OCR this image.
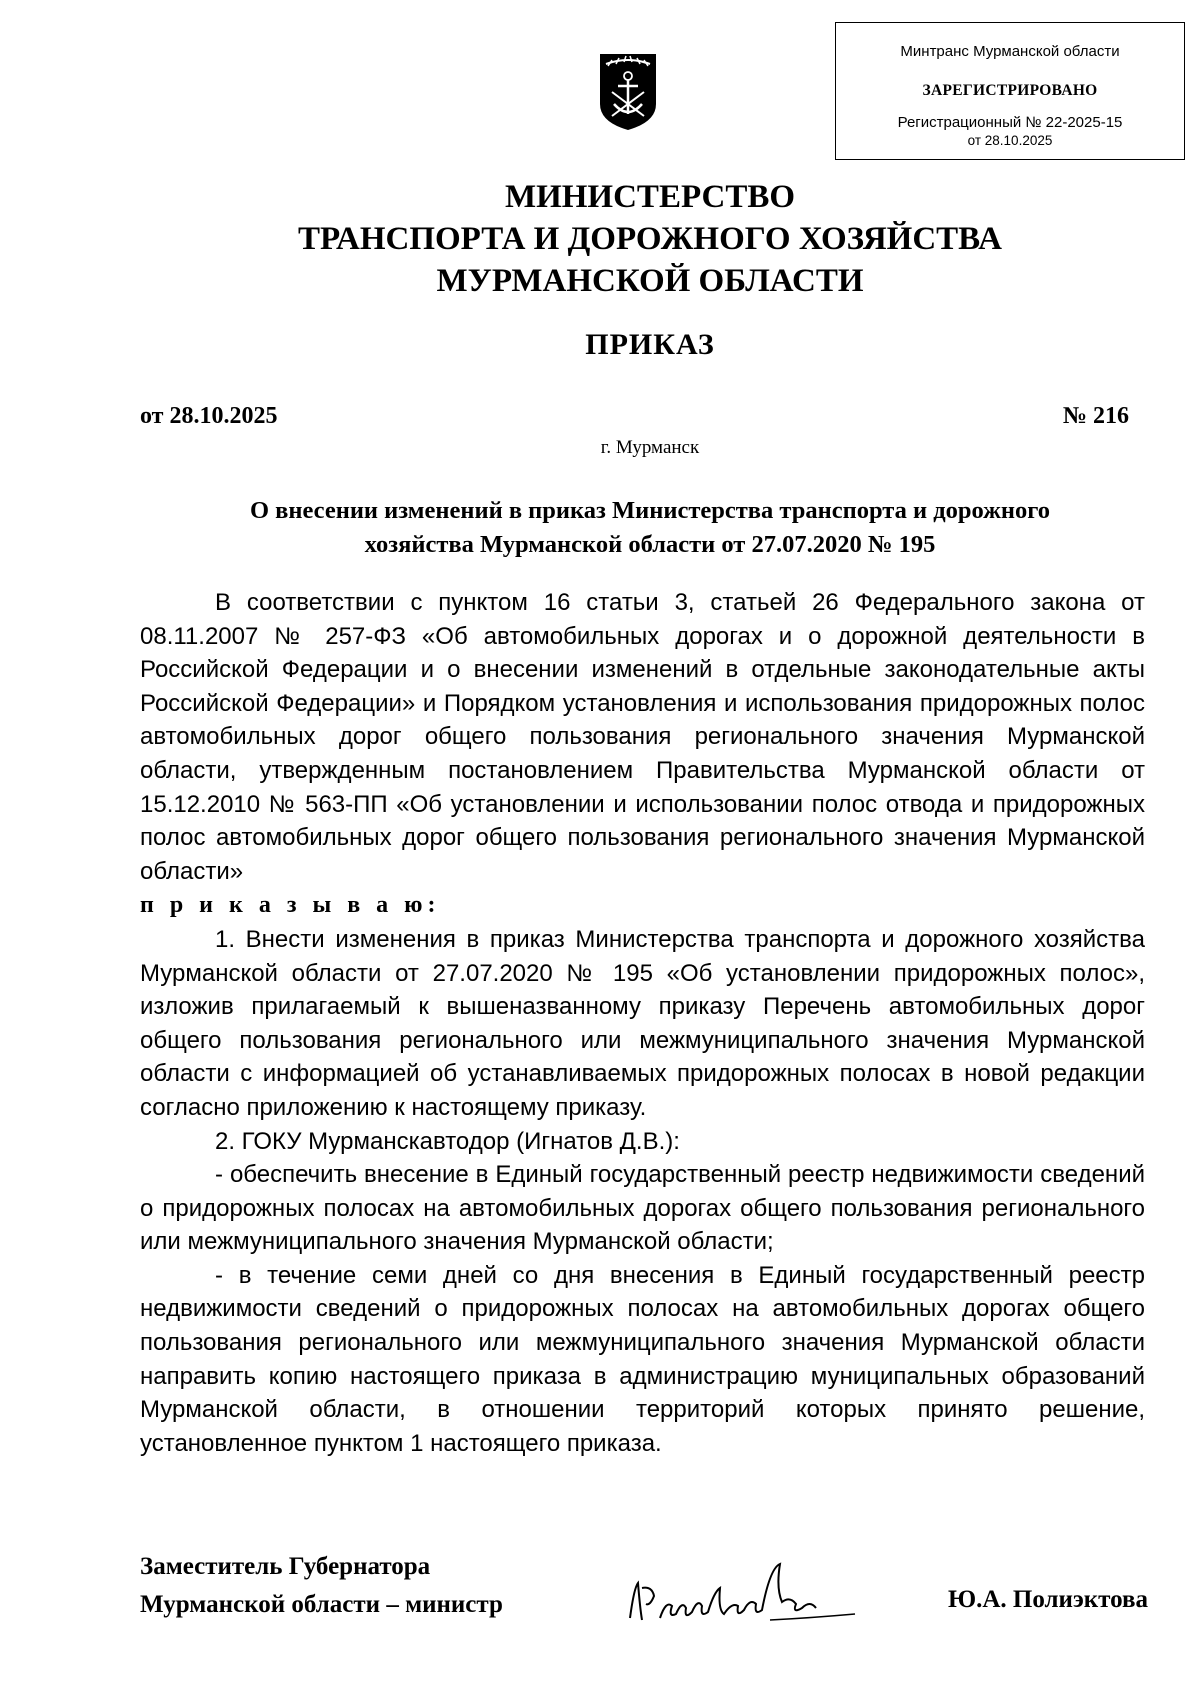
Минтранс Мурманской области
ЗАРЕГИСТРИРОВАНО
Регистрационный № 22-2025-15
от 28.10.2025
МИНИСТЕРСТВО
ТРАНСПОРТА И ДОРОЖНОГО ХОЗЯЙСТВА
МУРМАНСКОЙ ОБЛАСТИ
ПРИКАЗ
от 28.10.2025	№ 216
г. Мурманск
О внесении изменений в приказ Министерства транспорта и дорожного
хозяйства Мурманской области от 27.07.2020 № 195

В соответствии с пунктом 16 статьи 3, статьей 26 Федерального закона от 08.11.2007 № 257-ФЗ «Об автомобильных дорогах и о дорожной деятельности в Российской Федерации и о внесении изменений в отдельные законодательные акты Российской Федерации» и Порядком установления и использования придорожных полос автомобильных дорог общего пользования регионального значения Мурманской области, утвержденным постановлением Правительства Мурманской области от 15.12.2010 № 563-ПП «Об установлении и использовании полос отвода и придорожных полос автомобильных дорог общего пользования регионального значения Мурманской области»

п р и к а з ы в а ю:

1. Внести изменения в приказ Министерства транспорта и дорожного хозяйства Мурманской области от 27.07.2020 № 195 «Об установлении придорожных полос», изложив прилагаемый к вышеназванному приказу Перечень автомобильных дорог общего пользования регионального или межмуниципального значения Мурманской области с информацией об устанавливаемых придорожных полосах в новой редакции согласно приложению к настоящему приказу.

2. ГОКУ Мурманскавтодор (Игнатов Д.В.):

- обеспечить внесение в Единый государственный реестр недвижимости сведений о придорожных полосах на автомобильных дорогах общего пользования регионального или межмуниципального значения Мурманской области;

- в течение семи дней со дня внесения в Единый государственный реестр недвижимости сведений о придорожных полосах на автомобильных дорогах общего пользования регионального или межмуниципального значения Мурманской области направить копию настоящего приказа в администрацию муниципальных образований Мурманской области, в отношении территорий которых принято решение, установленное пунктом 1 настоящего приказа.

Заместитель Губернатора
Мурманской области – министр	Ю.А. Полиэктова
